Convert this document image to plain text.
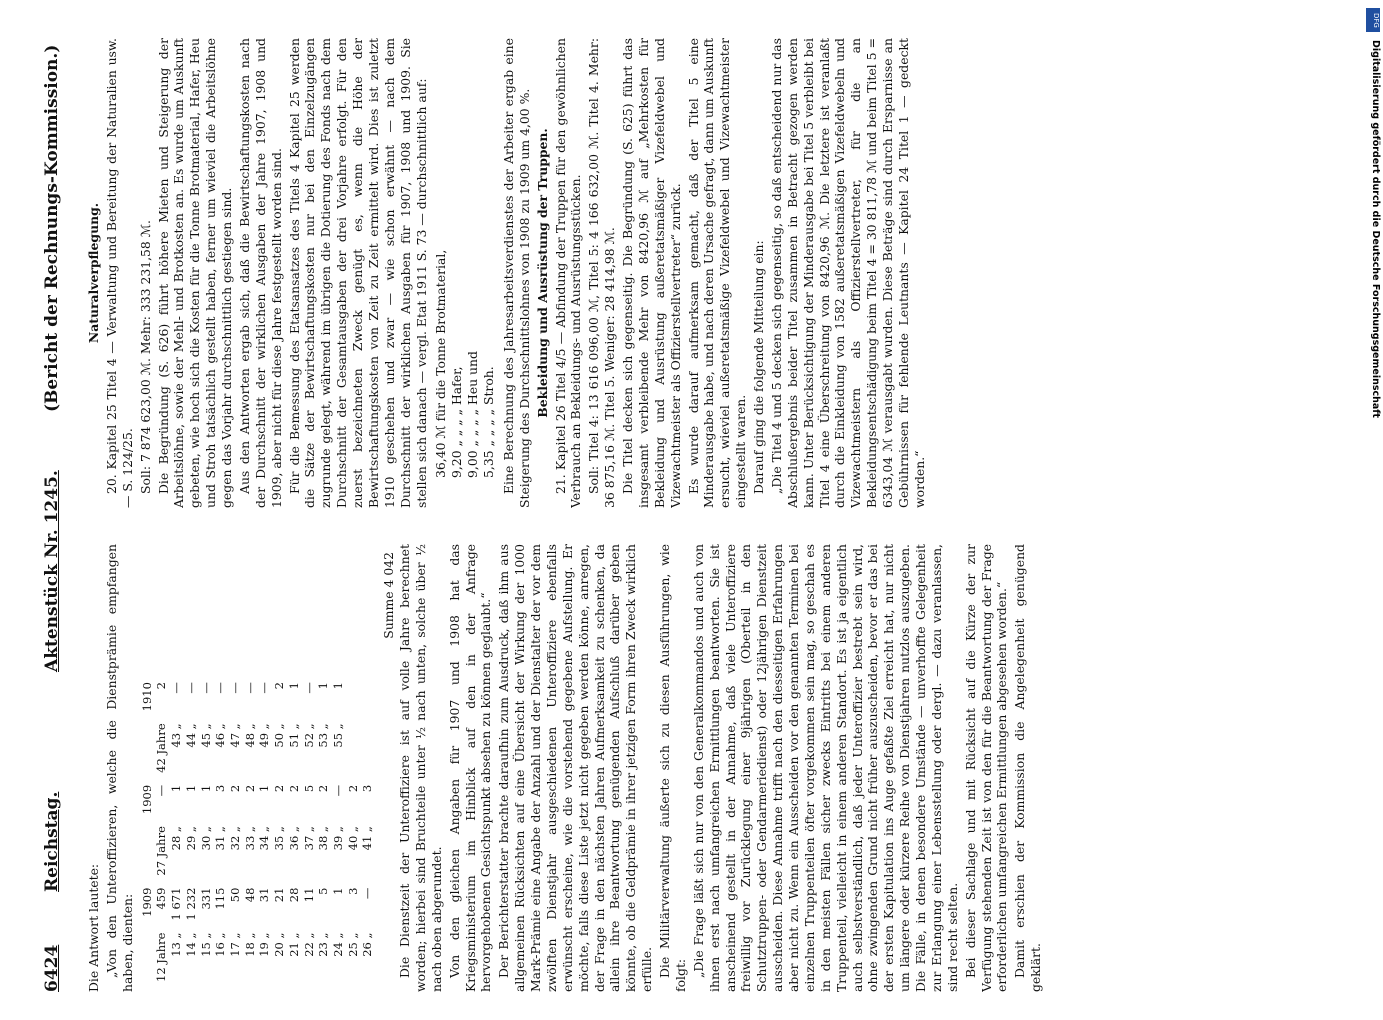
6424
Reichstag.
Aktenstück Nr. 1245.
(Bericht der Rechnungs-Kommission.)

Die Antwort lautete: „Von den Unteroffizieren, welche die Dienstprämie empfangen haben, dienten:

	1909		1909		1910
12 Jahre	459	27 Jahre	—	42 Jahre	2
13 „	1 671	28 „	1	43 „	—
14 „	1 232	29 „	1	44 „	—
15 „	331	30 „	1	45 „	—
16 „	115	31 „	3	46 „	—
17 „	50	32 „	2	47 „	—
18 „	48	33 „	2	48 „	—
19 „	31	34 „	1	49 „	—
20 „	21	35 „	2	50 „	2
21 „	28	36 „	2	51 „	1
22 „	11	37 „	5	52 „	—
23 „	5	38 „	2	53 „	1
24 „	1	39 „	—	55 „	1
25 „	3	40 „	2		
26 „	—	41 „	3		
Summe 4 042 Die Dienstzeit der Unteroffiziere ist auf volle Jahre berechnet worden; hierbei sind Bruchteile unter ½ nach unten, solche über ½ nach oben abgerundet. Von den gleichen Angaben für 1907 und 1908 hat das Kriegsministerium im Hinblick auf den in der Anfrage hervorgehobenen Gesichtspunkt absehen zu können geglaubt.“ Der Berichterstatter brachte daraufhin zum Ausdruck, daß ihm aus allgemeinen Rücksichten auf eine Übersicht der Wirkung der 1000 Mark-Prämie eine Angabe der Anzahl und der Dienstalter der vor dem zwölften Dienstjahr ausgeschiedenen Unteroffiziere ebenfalls erwünscht erscheine, wie die vorstehend gegebene Aufstellung. Er möchte, falls diese Liste jetzt nicht gegeben werden könne, anregen, der Frage in den nächsten Jahren Aufmerksamkeit zu schenken, da allein ihre Beantwortung genügenden Aufschluß darüber geben könnte, ob die Geldprämie in ihrer jetzigen Form ihren Zweck wirklich erfülle. Die Militärverwaltung äußerte sich zu diesen Ausführungen, wie folgt: „Die Frage läßt sich nur von den Generalkommandos und auch von ihnen erst nach umfangreichen Ermittlungen beantworten. Sie ist anscheinend gestellt in der Annahme, daß viele Unteroffiziere freiwillig vor Zurücklegung einer 9jährigen (Oberteil in den Schutztruppen- oder Gendarmeriedienst) oder 12jährigen Dienstzeit ausscheiden. Diese Annahme trifft nach den diesseitigen Erfahrungen aber nicht zu. Wenn ein Ausscheiden vor den genannten Terminen bei einzelnen Truppenteilen öfter vorgekommen sein mag, so geschah es in den meisten Fällen sicher zwecks Eintritts bei einem anderen Truppenteil, vielleicht in einem anderen Standort. Es ist ja eigentlich auch selbstverständlich, daß jeder Unteroffizier bestrebt sein wird, ohne zwingenden Grund nicht früher auszuscheiden, bevor er das bei der ersten Kapitulation ins Auge gefaßte Ziel erreicht hat, nur nicht um längere oder kürzere Reihe von Dienstjahren nutzlos auszugeben. Die Fälle, in denen besondere Umstände — unverhoffte Gelegenheit zur Erlangung einer Lebensstellung oder dergl. — dazu veranlassen, sind recht selten. Bei dieser Sachlage und mit Rücksicht auf die Kürze der zur Verfügung stehenden Zeit ist von den für die Beantwortung der Frage erforderlichen umfangreichen Ermittlungen abgesehen worden.“ Damit erschien der Kommission die Angelegenheit genügend geklärt.

Naturalverpflegung. 20. Kapitel 25 Titel 4 — Verwaltung und Bereitung der Naturalien usw. — S. 124/25. Soll: 7 874 623,00 ℳ. Mehr: 333 231,58 ℳ. Die Begründung (S. 626) führt höhere Mieten und Steigerung der Arbeitslöhne, sowie der Mehl- und Brotkosten an. Es wurde um Auskunft gebeten, wie hoch sich die Kosten für die Tonne Brotmaterial, Hafer, Heu und Stroh tatsächlich gestellt haben, ferner um wieviel die Arbeitslöhne gegen das Vorjahr durchschnittlich gestiegen sind. Aus den Antworten ergab sich, daß die Bewirtschaftungskosten nach der Durchschnitt der wirklichen Ausgaben der Jahre 1907, 1908 und 1909, aber nicht für diese Jahre festgestellt worden sind. Für die Bemessung des Etatsansatzes des Titels 4 Kapitel 25 werden die Sätze der Bewirtschaftungskosten nur bei den Einzelzugängen zugrunde gelegt, während im übrigen die Dotierung des Fonds nach dem Durchschnitt der Gesamtausgaben der drei Vorjahre erfolgt. Für den zuerst bezeichneten Zweck genügt es, wenn die Höhe der Bewirtschaftungskosten von Zeit zu Zeit ermittelt wird. Dies ist zuletzt 1910 geschehen und zwar — wie schon erwähnt — nach dem Durchschnitt der wirklichen Ausgaben für 1907, 1908 und 1909. Sie stellen sich danach — vergl. Etat 1911 S. 73 — durchschnittlich auf: 36,40 ℳ für die Tonne Brotmaterial, 9,20 „ „ „ „ Hafer, 9,00 „ „ „ „ Heu und 5,35 „ „ „ „ Stroh. Eine Berechnung des Jahresarbeitsverdienstes der Arbeiter ergab eine Steigerung des Durchschnittslohnes von 1908 zu 1909 um 4,00 %. Bekleidung und Ausrüstung der Truppen. 21. Kapitel 26 Titel 4/5 — Abfindung der Truppen für den gewöhnlichen Verbrauch an Bekleidungs- und Ausrüstungsstücken. Soll: Titel 4: 13 616 096,00 ℳ, Titel 5: 4 166 632,00 ℳ. Titel 4. Mehr: 36 875,16 ℳ. Titel 5. Weniger: 28 414,98 ℳ. Die Titel decken sich gegenseitig. Die Begründung (S. 625) führt das insgesamt verbleibende Mehr von 8420,96 ℳ auf „Mehrkosten für Bekleidung und Ausrüstung außeretatsmäßiger Vizefeldwebel und Vizewachtmeister als Offizierstellvertreter“ zurück. Es wurde darauf aufmerksam gemacht, daß der Titel 5 eine Minderausgabe habe, und nach deren Ursache gefragt, dann um Auskunft ersucht, wieviel außeretatsmäßige Vizefeldwebel und Vizewachtmeister eingestellt waren. Darauf ging die folgende Mitteilung ein: „Die Titel 4 und 5 decken sich gegenseitig, so daß entscheidend nur das Abschlußergebnis beider Titel zusammen in Betracht gezogen werden kann. Unter Berücksichtigung der Minderausgabe bei Titel 5 verbleibt bei Titel 4 eine Überschreitung von 8420,96 ℳ. Die letztere ist veranlaßt durch die Einkleidung von 1582 außeretatsmäßigen Vizefeldwebeln und Vizewachtmeistern als Offizierstellvertreter, für die an Bekleidungsentschädigung beim Titel 4 = 30 811,78 ℳ und beim Titel 5 = 6343,04 ℳ verausgabt wurden. Diese Beträge sind durch Ersparnisse an Gebührnissen für fehlende Leutnants — Kapitel 24 Titel 1 — gedeckt worden.“

DFG
Digitalisierung gefördert durch die Deutsche Forschungsgemeinschaft
